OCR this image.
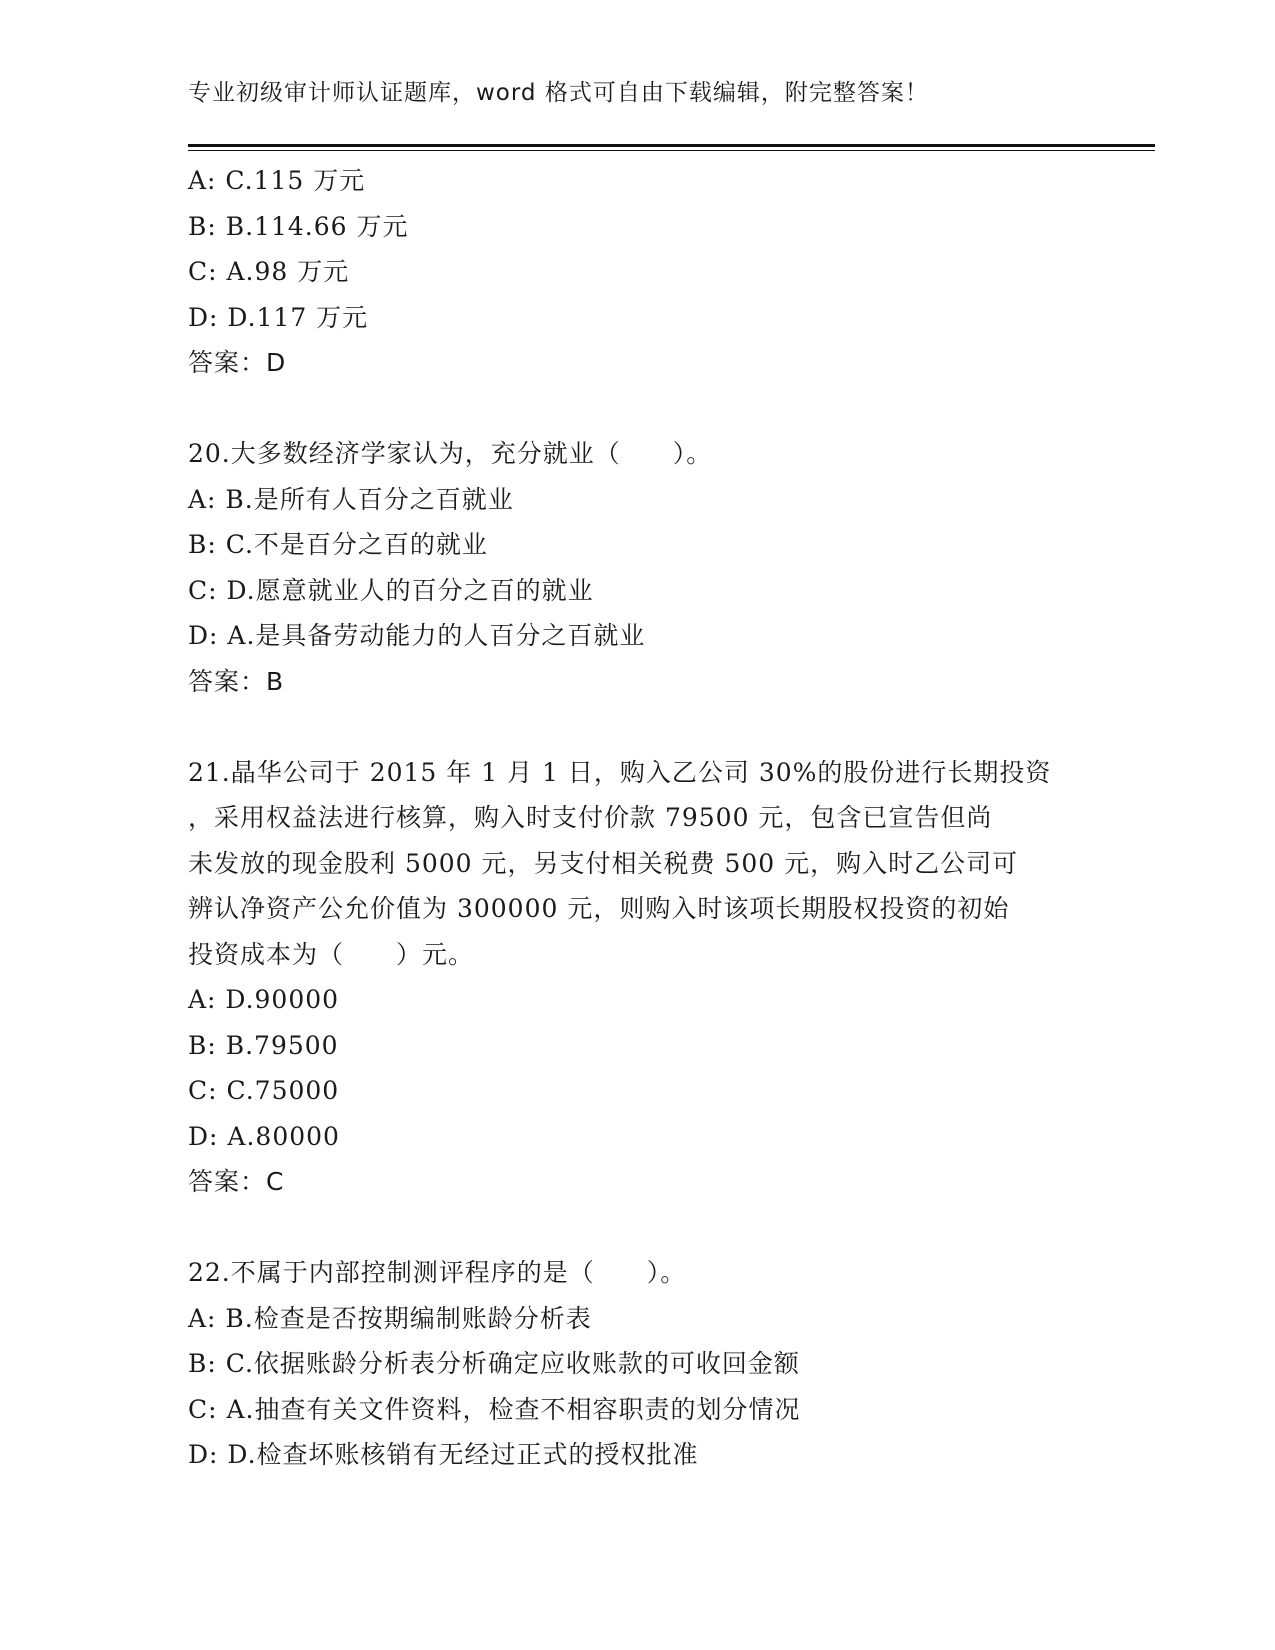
专业初级审计师认证题库，word 格式可自由下载编辑，附完整答案！
A: C.115 万元
B: B.114.66 万元
C: A.98 万元
D: D.117 万元
答案：D
20.大多数经济学家认为，充分就业（　　）。
A: B.是所有人百分之百就业
B: C.不是百分之百的就业
C: D.愿意就业人的百分之百的就业
D: A.是具备劳动能力的人百分之百就业
答案：B
21.晶华公司于 2015 年 1 月 1 日，购入乙公司 30%的股份进行长期投资
，采用权益法进行核算，购入时支付价款 79500 元，包含已宣告但尚
未发放的现金股利 5000 元，另支付相关税费 500 元，购入时乙公司可
辨认净资产公允价值为 300000 元，则购入时该项长期股权投资的初始
投资成本为（　　）元。
A: D.90000
B: B.79500
C: C.75000
D: A.80000
答案：C
22.不属于内部控制测评程序的是（　　）。
A: B.检查是否按期编制账龄分析表
B: C.依据账龄分析表分析确定应收账款的可收回金额
C: A.抽查有关文件资料，检查不相容职责的划分情况
D: D.检查坏账核销有无经过正式的授权批准
